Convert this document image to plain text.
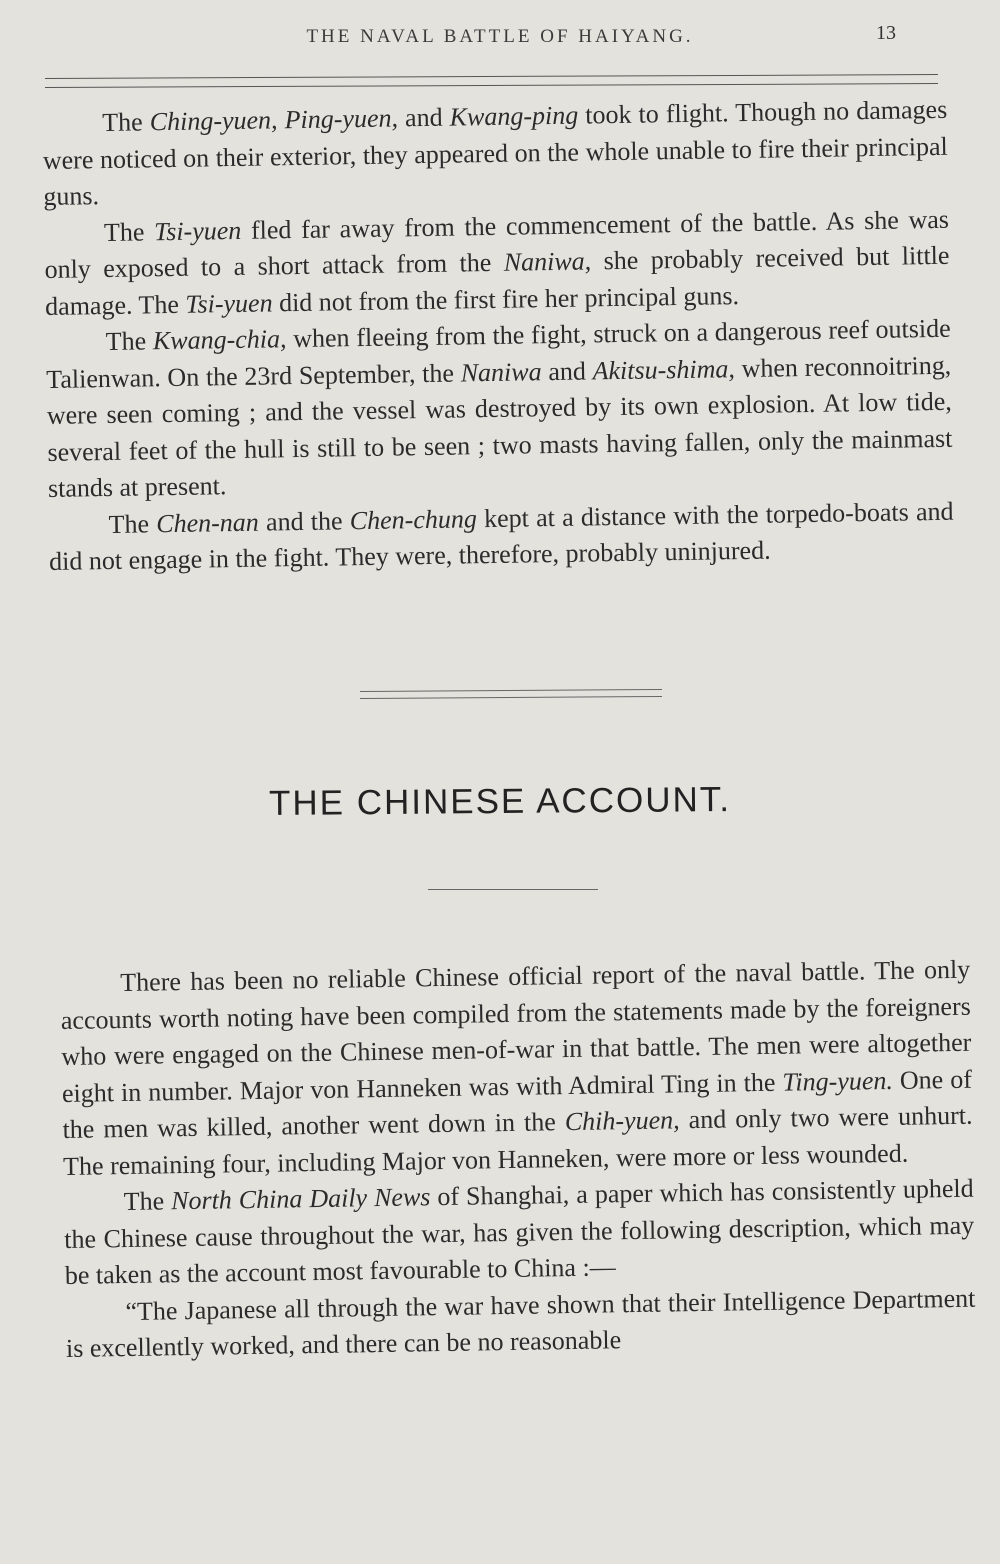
THE NAVAL BATTLE OF HAIYANG.	13

The Ching-yuen, Ping-yuen, and Kwang-ping took to flight. Though no damages were noticed on their exterior, they appeared on the whole unable to fire their principal guns.

The Tsi-yuen fled far away from the commencement of the battle. As she was only exposed to a short attack from the Naniwa, she probably received but little damage. The Tsi-yuen did not from the first fire her principal guns.

The Kwang-chia, when fleeing from the fight, struck on a dangerous reef outside Talienwan. On the 23rd September, the Naniwa and Akitsu-shima, when reconnoitring, were seen coming ; and the vessel was destroyed by its own explosion. At low tide, several feet of the hull is still to be seen ; two masts having fallen, only the mainmast stands at present.

The Chen-nan and the Chen-chung kept at a distance with the torpedo-boats and did not engage in the fight. They were, therefore, probably uninjured.

THE CHINESE ACCOUNT.

There has been no reliable Chinese official report of the naval battle. The only accounts worth noting have been compiled from the statements made by the foreigners who were engaged on the Chinese men-of-war in that battle. The men were altogether eight in number. Major von Hanneken was with Admiral Ting in the Ting-yuen. One of the men was killed, another went down in the Chih-yuen, and only two were unhurt. The remaining four, including Major von Hanneken, were more or less wounded.

The North China Daily News of Shanghai, a paper which has consistently upheld the Chinese cause throughout the war, has given the following description, which may be taken as the account most favourable to China :—

“The Japanese all through the war have shown that their Intelligence Department is excellently worked, and there can be no reasonable
